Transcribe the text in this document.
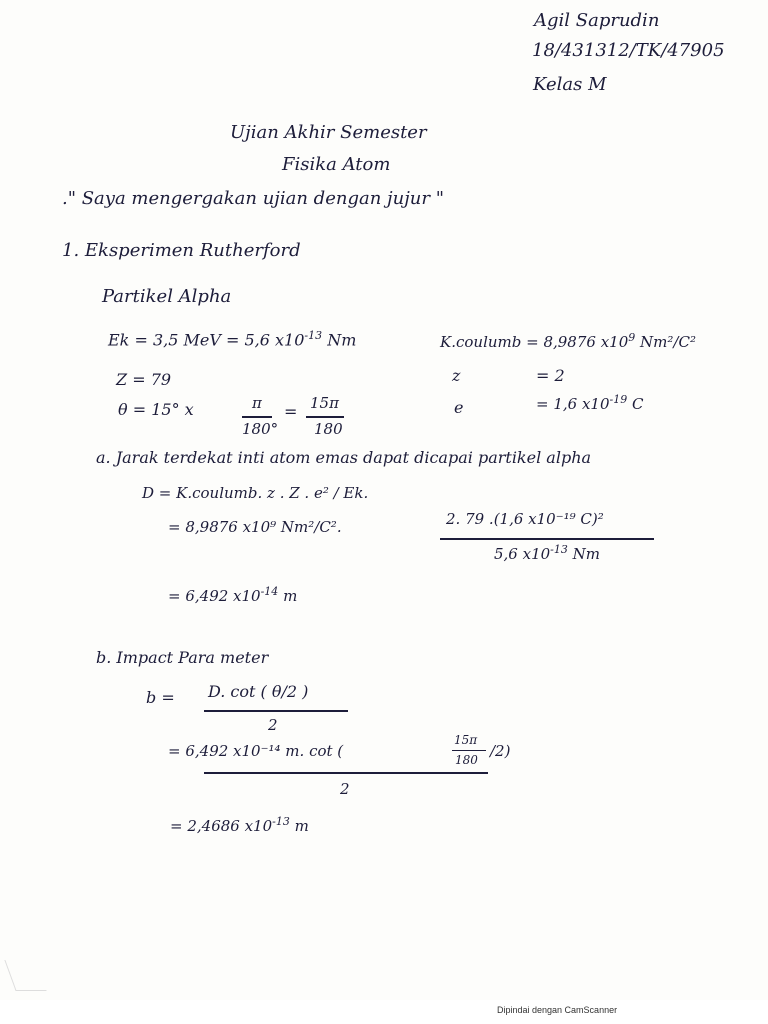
Agil Saprudin
18/431312/TK/47905
Kelas M
Ujian Akhir Semester
Fisika Atom
." Saya mengergakan ujian dengan jujur "
1. Eksperimen Rutherford
Partikel Alpha
Ek = 3,5 MeV = 5,6 $x10^{-13}$ Nm	K.coulumb = 8,9876 $x10^9$ Nm²/C²
Z = 79	z	= 2
θ = 15° x	π
180°
= 15π
180
e	= 1,6 $x10^{-19}$ C
a. Jarak terdekat inti atom emas dapat dicapai partikel alpha
D = K.coulumb. z . Z . e² / Ek.
= 8,9876 x10⁹ Nm²/C².	2. 79 .(1,6 x10⁻¹⁹ C)²
5,6 $x10^{-13}$ Nm
= 6,492 $x10^{-14}$ m
b. Impact Para meter
b = D. cot ( θ/2 )
2
= 6,492 x10⁻¹⁴ m. cot (
15π
180 /2)
2
= 2,4686 $x10^{-13}$ m
Dipindai dengan CamScanner
